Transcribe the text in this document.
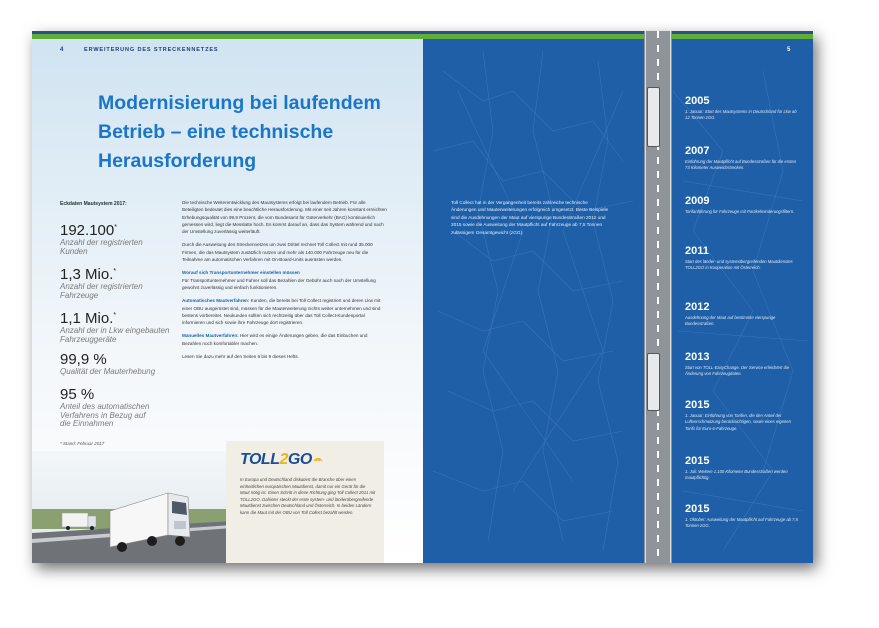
4	ERWEITERUNG DES STRECKENNETZES
Modernisierung bei laufendem
Betrieb – eine technische
Herausforderung
Eckdaten Mautsystem 2017:
192.100*
Anzahl der registrierten
Kunden
1,3 Mio.*
Anzahl der registrierten
Fahrzeuge
1,1 Mio.*
Anzahl der in Lkw eingebauten
Fahrzeuggeräte
99,9 %
Qualität der Mauterhebung
95 %
Anteil des automatischen
Verfahrens in Bezug auf
die Einnahmen
* Stand: Februar 2017

Die technische Weiterentwicklung des Mautsystems erfolgt bei laufendem Betrieb. Für alle Beteiligten bedeutet dies eine beachtliche Herausforderung. Mit einer seit Jahren konstant erreichten Erhebungsqualität von 99,9 Prozent, die vom Bundesamt für Güterverkehr (BAG) kontinuierlich gemessen wird, liegt die Messlatte hoch. Es kommt darauf an, dass das System während und nach der Umstellung zuverlässig weiterläuft.

Durch die Ausweitung des Streckennetzes um zwei Drittel rechnet Toll Collect mit rund 35.000 Firmen, die das Mautsystem zusätzlich nutzen und mehr als 140.000 Fahrzeuge neu für die Teilnahme am automatischen Verfahren mit On-Board-Units ausrüsten werden.

Worauf sich Transportunternehmer einstellen müssen
Für Transportunternehmer und Fahrer soll das Bezahlen der Gebühr auch nach der Umstellung gewohnt zuverlässig und einfach funktionieren.

Automatisches Mautverfahren: Kunden, die bereits bei Toll Collect registriert und deren Lkw mit einer OBU ausgerüstet sind, müssen für die Mauterweiterung nichts weiter unternehmen und sind bestens vorbereitet. Neukunden sollten sich rechtzeitig über das Toll Collect-Kundenportal informieren und sich sowie ihre Fahrzeuge dort registrieren.

Manuelles Mautverfahren: Hier wird es einige Änderungen geben, die das Einbuchen und Bezahlen noch komfortabler machen.

Lesen Sie dazu mehr auf den Seiten 6 bis 9 dieses Hefts.

TOLL2GO
In Europa und Deutschland diskutiert die Branche über einen einheitlichen europäischen Mautdienst, damit nur ein Gerät für die Maut nötig ist. Einen Schritt in diese Richtung ging Toll Collect 2011 mit TOLL2GO. Dahinter steckt der erste system- und länderübergreifende Mautdienst zwischen Deutschland und Österreich. In beiden Ländern kann die Maut mit der OBU von Toll Collect bezahlt werden.
5
Toll Collect hat in der Vergangenheit bereits zahlreiche technische Änderungen und Mauterweiterungen erfolgreich umgesetzt. Beste Beispiele sind die Ausdehnungen der Maut auf vierspurige Bundesstraßen 2012 und 2015 sowie die Ausweitung der Mautpflicht auf Fahrzeuge ab 7,5 Tonnen zulässigem Gesamtgewicht (zGG).
2005
1. Januar: Start des Mautsystems in Deutschland für Lkw ab 12 Tonnen zGG.
2007
Einführung der Mautpflicht auf Bundesstraßen für die ersten 73 Kilometer Ausweichstrecken.
2009
Tarifanführung für Fahrzeuge mit Partikelminderungsfiltern.
2011
Start des länder- und systemübergreifenden Mautdienstes TOLL2GO in Kooperation mit Österreich.
2012
Ausdehnung der Maut auf bestimmte vierspurige Bundesstraßen.
2013
Start von TOLL-EasyChange. Der Service erleichtert die Änderung von Fahrzeugdaten.
2015
1. Januar: Einführung von Tarifen, die den Anteil der Luftverschmutzung berücksichtigen, sowie eines eigenen Tarifs für Euro-6-Fahrzeuge.
2015
1. Juli: Weitere 1.100 Kilometer Bundesstraßen werden mautpflichtig.
2015
1. Oktober: Ausweitung der Mautpflicht auf Fahrzeuge ab 7,5 Tonnen zGG.
